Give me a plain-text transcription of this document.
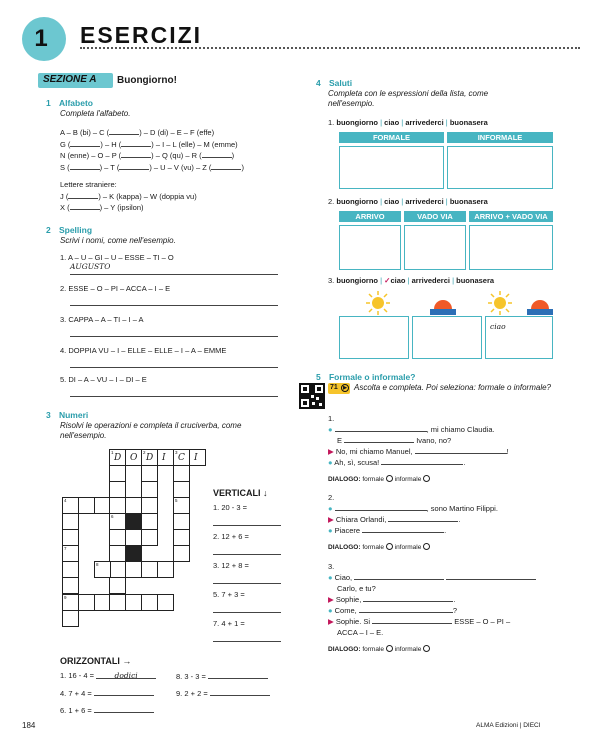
1	ESERCIZI
SEZIONE A Buongiorno!
1 Alfabeto
Completa l'alfabeto.
A – B (bi) – C (	) – D (di) – E – F (effe)
G (	) – H (	) – I – L (elle) – M (emme)
N (enne) – O – P (	) – Q (qu) – R (	)
S (	) – T (	) – U – V (vu) – Z (	)
Lettere straniere:
J (	) – K (kappa) – W (doppia vu)
X (	) – Y (ipsilon)
2 Spelling
Scrivi i nomi, come nell'esempio.
1. A – U – GI – U – ESSE – TI – O
AUGUSTO
2. ESSE – O – PI – ACCA – I – E
3. CAPPA – A – TI – I – A
4. DOPPIA VU – I – ELLE – ELLE – I – A – EMME
5. DI – A – VU – I – DI – E
3 Numeri
Risolvi le operazioni e completa il cruciverba, come nell'esempio.
1
D O
2
D I
3
C I
4	5
6
7
8
9
VERTICALI ↓
1. 20 - 3 =
2. 12 + 6 =
3. 12 + 8 =
5. 7 + 3 =
7. 4 + 1 =
ORIZZONTALI →
1. 16 - 4 =	dodici	8. 3 - 3 =
4. 7 + 4 =	9. 2 + 2 =
6. 1 + 6 =
4 Saluti
Completa con le espressioni della lista, come nell'esempio.
1. buongiorno | ciao | arrivederci | buonasera
FORMALE	INFORMALE
2. buongiorno | ciao | arrivederci | buonasera
ARRIVO	VADO VIA	ARRIVO + VADO VIA
3. buongiorno | ✓ciao | arrivederci | buonasera
ciao
5 Formale o informale?
71	▶ Ascolta e completa. Poi seleziona: formale o informale?
1.
●	, mi chiamo Claudia.
E	Ivano, no?
▶ No, mi chiamo Manuel,	!
● Ah, sì, scusa!	.
DIALOGO: formale informale
2.
●	, sono Martino Filippi.
▶ Chiara Orlandi,	.
● Piacere	.
DIALOGO: formale informale
3.
● Ciao,
Carlo, e tu?
▶ Sophie,	.
● Come,	?
▶ Sophie. Si	ESSE – O – PI –
ACCA – I – E.
DIALOGO: formale informale
184	ALMA Edizioni | DIECI
